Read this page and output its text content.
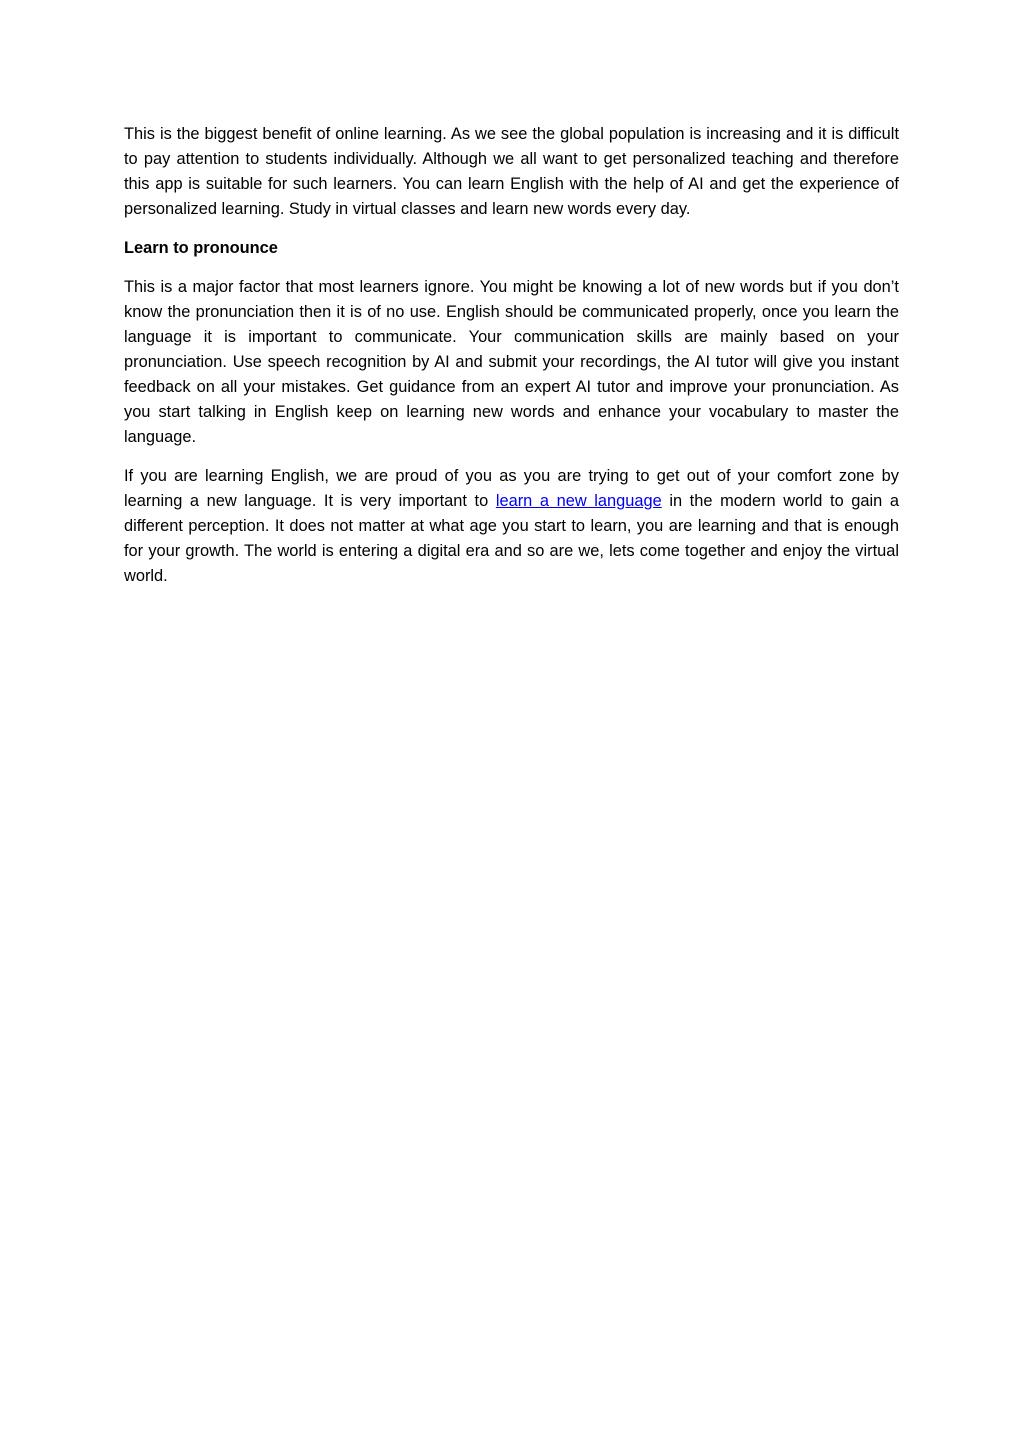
This is the biggest benefit of online learning. As we see the global population is increasing and it is difficult to pay attention to students individually. Although we all want to get personalized teaching and therefore this app is suitable for such learners. You can learn English with the help of AI and get the experience of personalized learning. Study in virtual classes and learn new words every day.

Learn to pronounce

This is a major factor that most learners ignore. You might be knowing a lot of new words but if you don’t know the pronunciation then it is of no use. English should be communicated properly, once you learn the language it is important to communicate. Your communication skills are mainly based on your pronunciation. Use speech recognition by AI and submit your recordings, the AI tutor will give you instant feedback on all your mistakes. Get guidance from an expert AI tutor and improve your pronunciation. As you start talking in English keep on learning new words and enhance your vocabulary to master the language.

If you are learning English, we are proud of you as you are trying to get out of your comfort zone by learning a new language. It is very important to learn a new language in the modern world to gain a different perception. It does not matter at what age you start to learn, you are learning and that is enough for your growth. The world is entering a digital era and so are we, lets come together and enjoy the virtual world.
